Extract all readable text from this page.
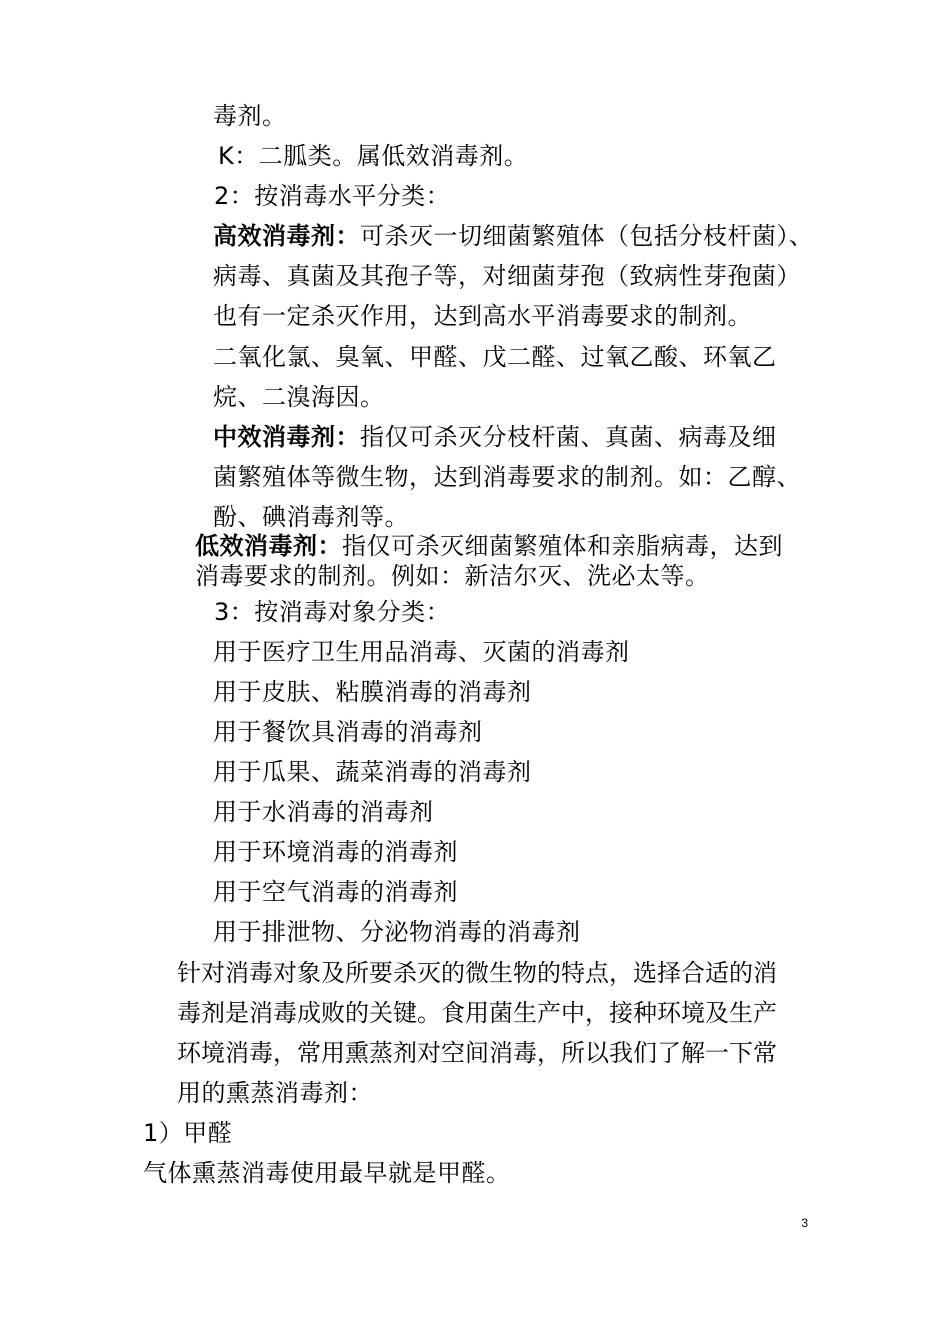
毒剂。
K：二胍类。属低效消毒剂。
2：按消毒水平分类：
高效消毒剂：可杀灭一切细菌繁殖体（包括分枝杆菌）、
病毒、真菌及其孢子等，对细菌芽孢（致病性芽孢菌）
也有一定杀灭作用，达到高水平消毒要求的制剂。
二氧化氯、臭氧、甲醛、戊二醛、过氧乙酸、环氧乙
烷、二溴海因。
中效消毒剂：指仅可杀灭分枝杆菌、真菌、病毒及细
菌繁殖体等微生物，达到消毒要求的制剂。如：乙醇、
酚、碘消毒剂等。
低效消毒剂：指仅可杀灭细菌繁殖体和亲脂病毒，达到
消毒要求的制剂。例如：新洁尔灭、洗必太等。
3：按消毒对象分类：
用于医疗卫生用品消毒、灭菌的消毒剂
用于皮肤、粘膜消毒的消毒剂
用于餐饮具消毒的消毒剂
用于瓜果、蔬菜消毒的消毒剂
用于水消毒的消毒剂
用于环境消毒的消毒剂
用于空气消毒的消毒剂
用于排泄物、分泌物消毒的消毒剂
针对消毒对象及所要杀灭的微生物的特点，选择合适的消
毒剂是消毒成败的关键。食用菌生产中，接种环境及生产
环境消毒，常用熏蒸剂对空间消毒，所以我们了解一下常
用的熏蒸消毒剂：
1）甲醛
气体熏蒸消毒使用最早就是甲醛。
3
